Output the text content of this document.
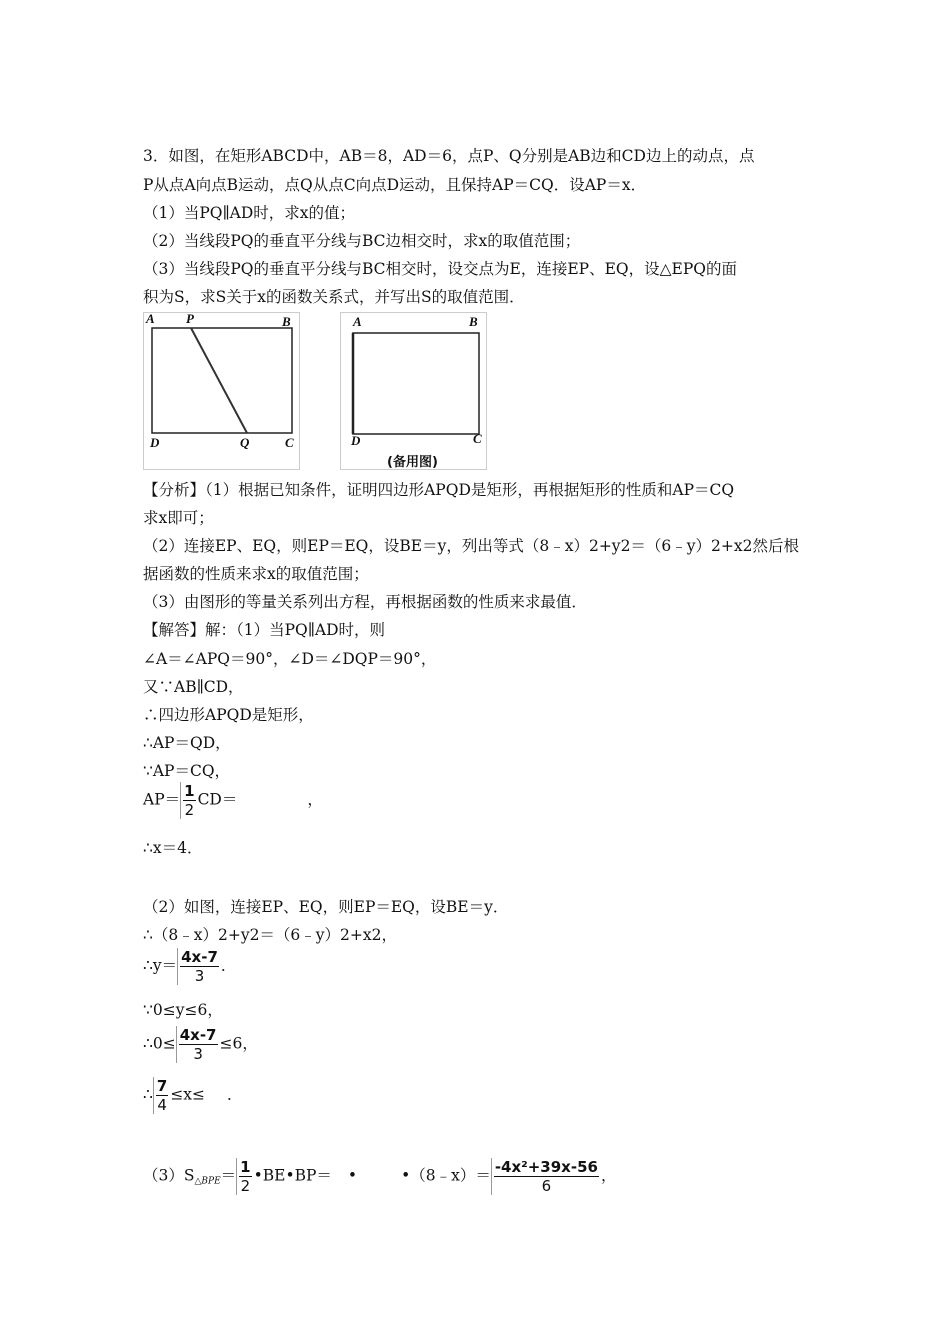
3．如图，在矩形ABCD中，AB＝8，AD＝6，点P、Q分别是AB边和CD边上的动点，点
P从点A向点B运动，点Q从点C向点D运动，且保持AP＝CQ．设AP＝x．
（1）当PQ∥AD时，求x的值；
（2）当线段PQ的垂直平分线与BC边相交时，求x的取值范围；
（3）当线段PQ的垂直平分线与BC相交时，设交点为E，连接EP、EQ，设△EPQ的面
积为S，求S关于x的函数关系式，并写出S的取值范围．
A P	B
D	Q	C
A	B
D	C
(备用图)
【分析】（1）根据已知条件，证明四边形APQD是矩形，再根据矩形的性质和AP＝CQ
求x即可；
（2）连接EP、EQ，则EP＝EQ，设BE＝y，列出等式（8﹣x）2+y2＝（6﹣y）2+x2然后根
据函数的性质来求x的取值范围；
（3）由图形的等量关系列出方程，再根据函数的性质来求最值．
【解答】解：（1）当PQ∥AD时，则
∠A＝∠APQ＝90°，∠D＝∠DQP＝90°，
又∵AB∥CD，
∴四边形APQD是矩形，
∴AP＝QD，
∵AP＝CQ，
$AP= \frac{1}{2} CD=$	，
∴x＝4．
（2）如图，连接EP、EQ，则EP＝EQ，设BE＝y．
∴（8﹣x）2+y2＝（6﹣y）2+x2，
∴y＝ $\frac{4x-7}{3}$ ．
∵0≤y≤6，
∴0≤ $\frac{4x-7}{3} \le 6$，
∴ $\frac{7}{4} \le x\le$ ．
$(3)S_{\triangle BPE}= \frac{1}{2}$ •BE•BP＝ •	•（8﹣x）＝ $\frac{\text{-4x²+39x-56}}{6}$ ，
